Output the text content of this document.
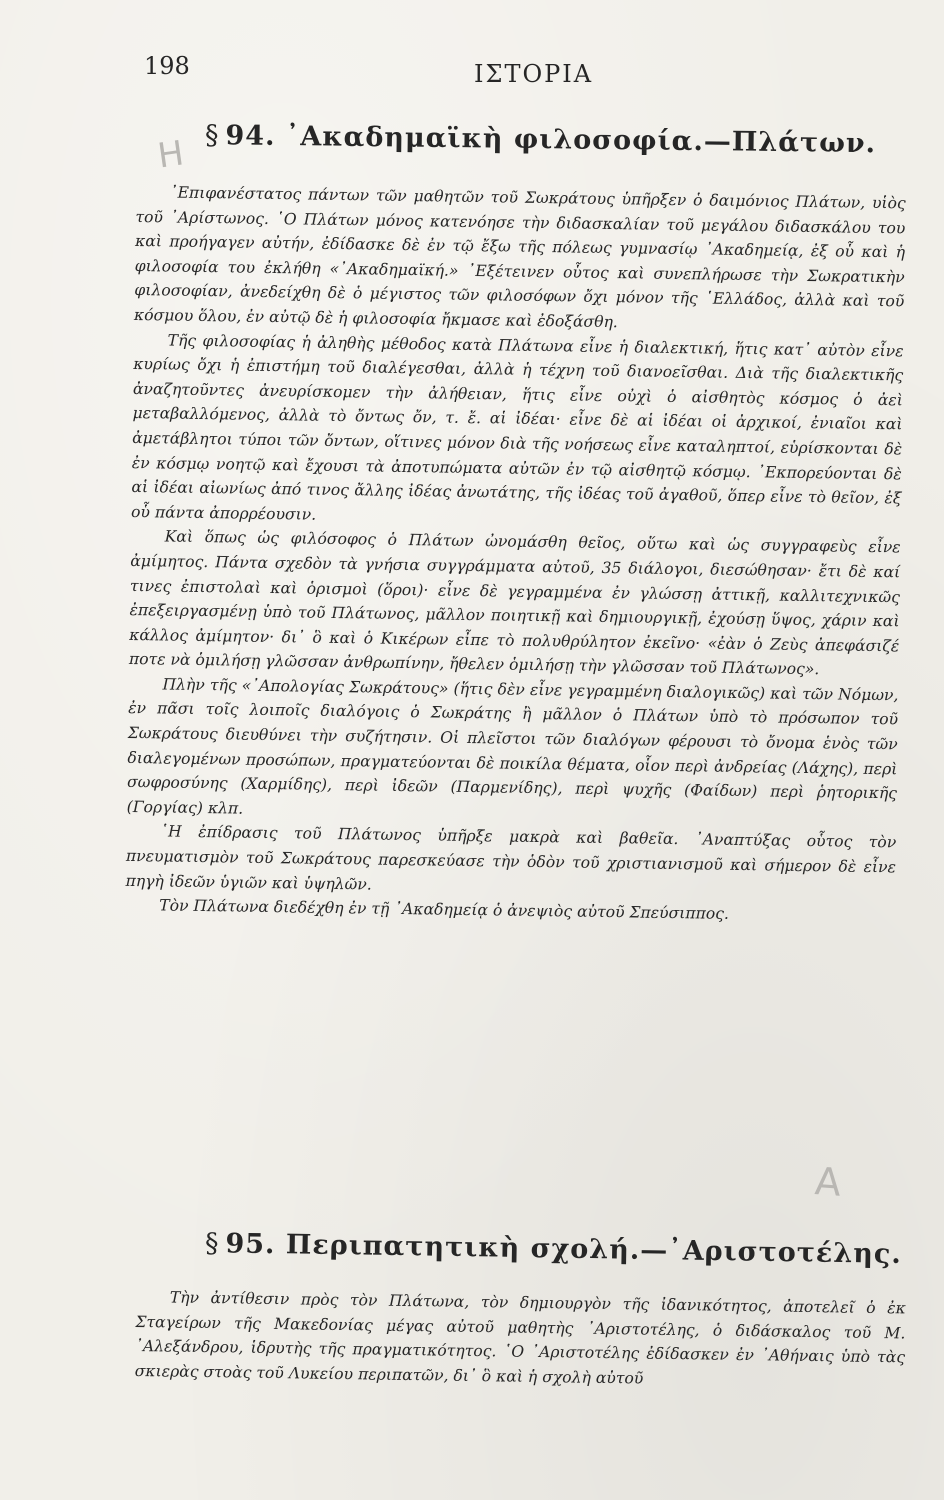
198	ΙΣΤΟΡΙΑ
H § 94. ᾿Ακαδημαϊκὴ φιλοσοφία.—Πλάτων.

᾿Επιφανέστατος πάντων τῶν μαθητῶν τοῦ Σωκράτους ὑπῆρξεν ὁ δαιμόνιος Πλάτων, υἱὸς τοῦ ᾿Αρίστωνος. ῾Ο Πλάτων μόνος κατενόησε τὴν διδασκαλίαν τοῦ μεγάλου διδασκάλου του καὶ προήγαγεν αὐτήν, ἐδίδασκε δὲ ἐν τῷ ἔξω τῆς πόλεως γυμνασίῳ ᾿Ακαδημείᾳ, ἐξ οὗ καὶ ἡ φιλοσοφία του ἐκλήθη «᾿Ακαδημαϊκή.» ᾿Εξέτεινεν οὗτος καὶ συνεπλήρωσε τὴν Σωκρατικὴν φιλοσοφίαν, ἀνεδείχθη δὲ ὁ μέγιστος τῶν φιλοσόφων ὄχι μόνον τῆς ῾Ελλάδος, ἀλλὰ καὶ τοῦ κόσμου ὅλου, ἐν αὐτῷ δὲ ἡ φιλοσοφία ἤκμασε καὶ ἐδοξάσθη.

Τῆς φιλοσοφίας ἡ ἀληθὴς μέθοδος κατὰ Πλάτωνα εἶνε ἡ διαλεκτική, ἥτις κατ᾿ αὐτὸν εἶνε κυρίως ὄχι ἡ ἐπιστήμη τοῦ διαλέγεσθαι, ἀλλὰ ἡ τέχνη τοῦ διανοεῖσθαι. Διὰ τῆς διαλεκτικῆς ἀναζητοῦντες ἀνευρίσκομεν τὴν ἀλήθειαν, ἥτις εἶνε οὐχὶ ὁ αἰσθητὸς κόσμος ὁ ἀεὶ μεταβαλλόμενος, ἀλλὰ τὸ ὄντως ὄν, τ. ἔ. αἱ ἰδέαι· εἶνε δὲ αἱ ἰδέαι οἱ ἀρχικοί, ἐνιαῖοι καὶ ἀμετάβλητοι τύποι τῶν ὄντων, οἵτινες μόνον διὰ τῆς νοήσεως εἶνε καταληπτοί, εὑρίσκονται δὲ ἐν κόσμῳ νοητῷ καὶ ἔχουσι τὰ ἀποτυπώματα αὐτῶν ἐν τῷ αἰσθητῷ κόσμῳ. ᾿Εκπορεύονται δὲ αἱ ἰδέαι αἰωνίως ἀπό τινος ἄλλης ἰδέας ἀνωτάτης, τῆς ἰδέας τοῦ ἀγαθοῦ, ὅπερ εἶνε τὸ θεῖον, ἐξ οὗ πάντα ἀπορρέουσιν.

Καὶ ὅπως ὡς φιλόσοφος ὁ Πλάτων ὠνομάσθη θεῖος, οὕτω καὶ ὡς συγγραφεὺς εἶνε ἀμίμητος. Πάντα σχεδὸν τὰ γνήσια συγγράμματα αὐτοῦ, 35 διάλογοι, διεσώθησαν· ἔτι δὲ καί τινες ἐπιστολαὶ καὶ ὁρισμοὶ (ὅροι)· εἶνε δὲ γεγραμμένα ἐν γλώσσῃ ἀττικῇ, καλλιτεχνικῶς ἐπεξειργασμένῃ ὑπὸ τοῦ Πλάτωνος, μᾶλλον ποιητικῇ καὶ δημιουργικῇ, ἐχούσῃ ὕψος, χάριν καὶ κάλλος ἀμίμητον· δι᾿ ὃ καὶ ὁ Κικέρων εἶπε τὸ πολυθρύλητον ἐκεῖνο· «ἐὰν ὁ Ζεὺς ἀπεφάσιζέ ποτε νὰ ὁμιλήσῃ γλῶσσαν ἀνθρωπίνην, ἤθελεν ὁμιλήσῃ τὴν γλῶσσαν τοῦ Πλάτωνος».

Πλὴν τῆς «᾿Απολογίας Σωκράτους» (ἥτις δὲν εἶνε γεγραμμένη διαλογικῶς) καὶ τῶν Νόμων, ἐν πᾶσι τοῖς λοιποῖς διαλόγοις ὁ Σωκράτης ἢ μᾶλλον ὁ Πλάτων ὑπὸ τὸ πρόσωπον τοῦ Σωκράτους διευθύνει τὴν συζήτησιν. Οἱ πλεῖστοι τῶν διαλόγων φέρουσι τὸ ὄνομα ἑνὸς τῶν διαλεγομένων προσώπων, πραγματεύονται δὲ ποικίλα θέματα, οἷον περὶ ἀνδρείας (Λάχης), περὶ σωφροσύνης (Χαρμίδης), περὶ ἰδεῶν (Παρμενίδης), περὶ ψυχῆς (Φαίδων) περὶ ῥητορικῆς (Γοργίας) κλπ.

῾Η ἐπίδρασις τοῦ Πλάτωνος ὑπῆρξε μακρὰ καὶ βαθεῖα. ᾿Αναπτύξας οὗτος τὸν πνευματισμὸν τοῦ Σωκράτους παρεσκεύασε τὴν ὁδὸν τοῦ χριστιανισμοῦ καὶ σήμερον δὲ εἶνε πηγὴ ἰδεῶν ὑγιῶν καὶ ὑψηλῶν.

Τὸν Πλάτωνα διεδέχθη ἐν τῇ ᾿Ακαδημείᾳ ὁ ἀνεψιὸς αὐτοῦ Σπεύσιππος.

A
§ 95. Περιπατητικὴ σχολή.—᾿Αριστοτέλης.

Τὴν ἀντίθεσιν πρὸς τὸν Πλάτωνα, τὸν δημιουργὸν τῆς ἰδανικότητος, ἀποτελεῖ ὁ ἐκ Σταγείρων τῆς Μακεδονίας μέγας αὐτοῦ μαθητὴς ᾿Αριστοτέλης, ὁ διδάσκαλος τοῦ Μ. ᾿Αλεξάνδρου, ἱδρυτὴς τῆς πραγματικότητος. ῾Ο ᾿Αριστοτέλης ἐδίδασκεν ἐν ᾿Αθήναις ὑπὸ τὰς σκιερὰς στοὰς τοῦ Λυκείου περιπατῶν, δι᾿ ὃ καὶ ἡ σχολὴ αὐτοῦ
